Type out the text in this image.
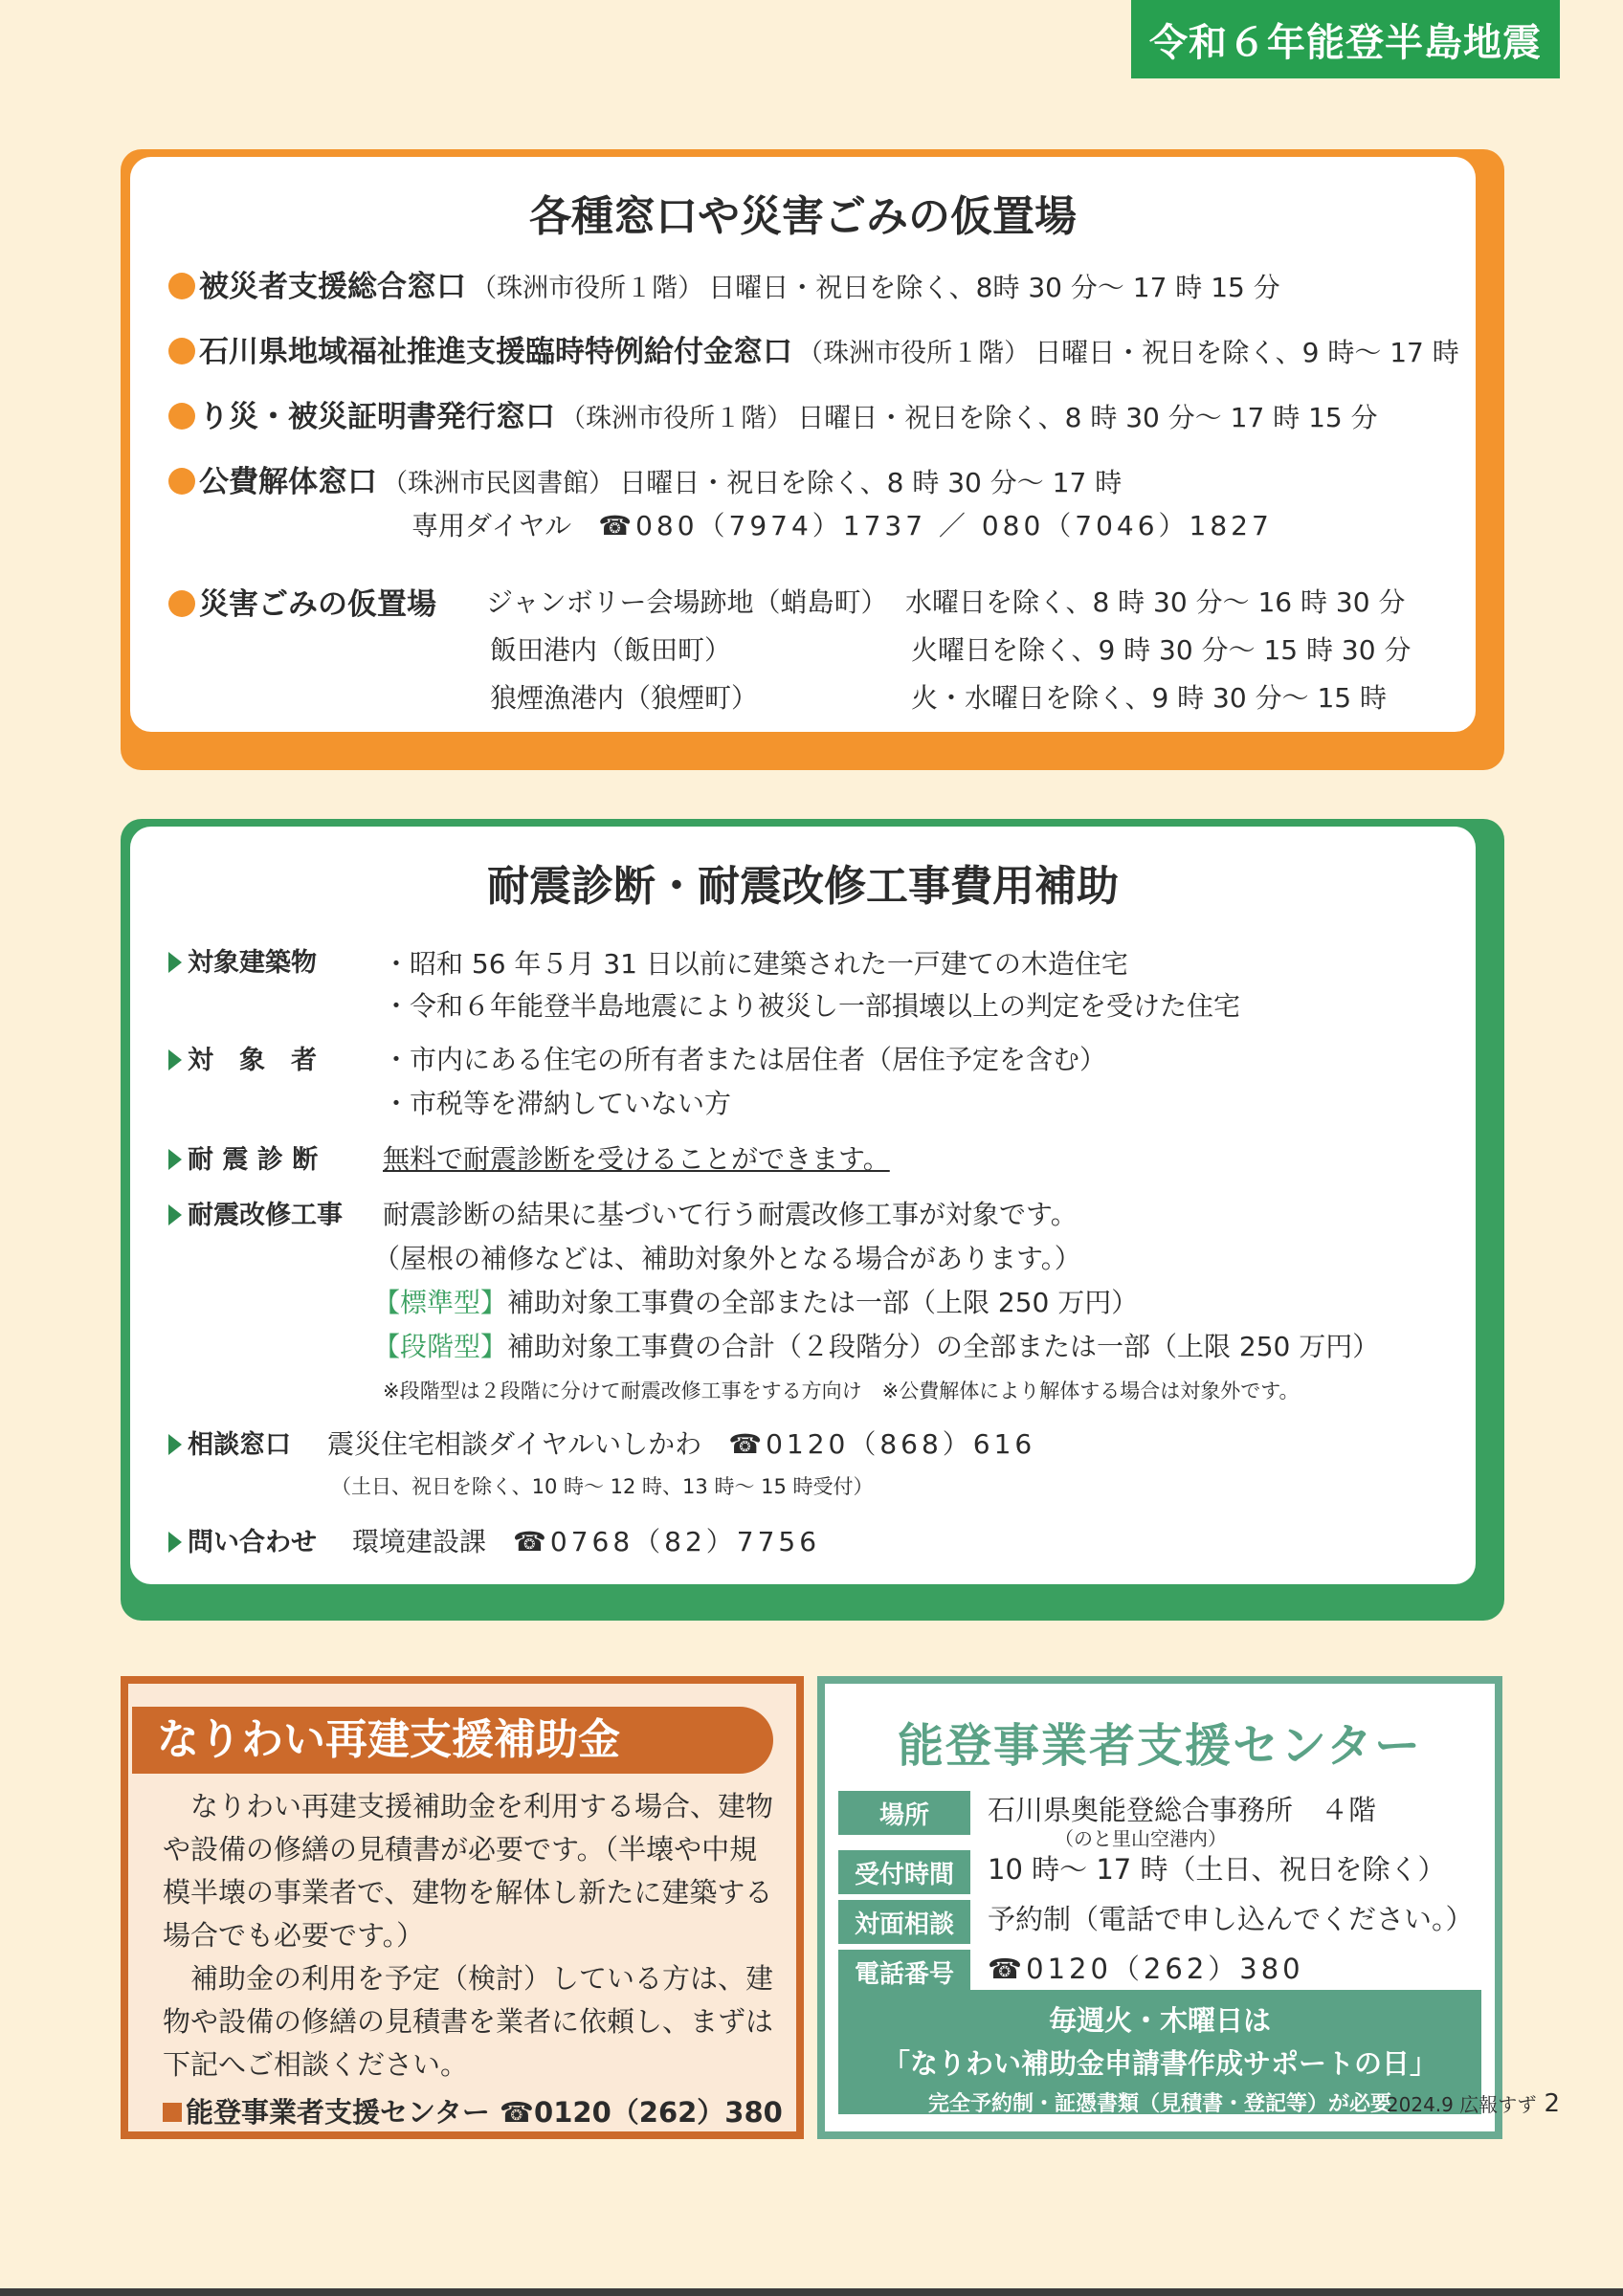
令和６年能登半島地震
各種窓口や災害ごみの仮置場
被災者支援総合窓口 （珠洲市役所１階） 日曜日・祝日を除く、8時 30 分～ 17 時 15 分
石川県地域福祉推進支援臨時特例給付金窓口 （珠洲市役所１階） 日曜日・祝日を除く、9 時～ 17 時
り災・被災証明書発行窓口 （珠洲市役所１階） 日曜日・祝日を除く、8 時 30 分～ 17 時 15 分
公費解体窓口 （珠洲市民図書館） 日曜日・祝日を除く、8 時 30 分～ 17 時
専用ダイヤル　 ☎080（7974）1737 ／ 080（7046）1827
災害ごみの仮置場 ジャンボリー会場跡地（蛸島町） 水曜日を除く、8 時 30 分～ 16 時 30 分
飯田港内（飯田町）	火曜日を除く、9 時 30 分～ 15 時 30 分
狼煙漁港内（狼煙町）	火・水曜日を除く、9 時 30 分～ 15 時
耐震診断・耐震改修工事費用補助
対象建築物 ・昭和 56 年５月 31 日以前に建築された一戸建ての木造住宅
・令和６年能登半島地震により被災し一部損壊以上の判定を受けた住宅
対　象　者 ・市内にある住宅の所有者または居住者（居住予定を含む）
・市税等を滞納していない方
耐 震 診 断 無料で耐震診断を受けることができます。
耐震改修工事 耐震診断の結果に基づいて行う耐震改修工事が対象です。
（屋根の補修などは、補助対象外となる場合があります。）
【標準型】補助対象工事費の全部または一部（上限 250 万円）
【段階型】補助対象工事費の合計（２段階分）の全部または一部（上限 250 万円）
※段階型は２段階に分けて耐震改修工事をする方向け　※公費解体により解体する場合は対象外です。
相談窓口 震災住宅相談ダイヤルいしかわ　 ☎0120（868）616
（土日、祝日を除く、10 時～ 12 時、13 時～ 15 時受付）
問い合わせ 環境建設課　 ☎0768（82）7756
なりわい再建支援補助金

なりわい再建支援補助金を利用する場合、建物や設備の修繕の見積書が必要です。（半壊や中規模半壊の事業者で、建物を解体し新たに建築する場合でも必要です。）

補助金の利用を予定（検討）している方は、建物や設備の修繕の見積書を業者に依頼し、まずは下記へご相談ください。

能登事業者支援センター ☎0120（262）380
能登事業者支援センター
場所	石川県奥能登総合事務所　４階
（のと里山空港内）
受付時間	10 時～ 17 時（土日、祝日を除く）
対面相談	予約制（電話で申し込んでください。）
電話番号	☎0120（262）380
毎週火・木曜日は
「なりわい補助金申請書作成サポートの日」
完全予約制・証憑書類（見積書・登記等）が必要
2024.9 広報すず 2
